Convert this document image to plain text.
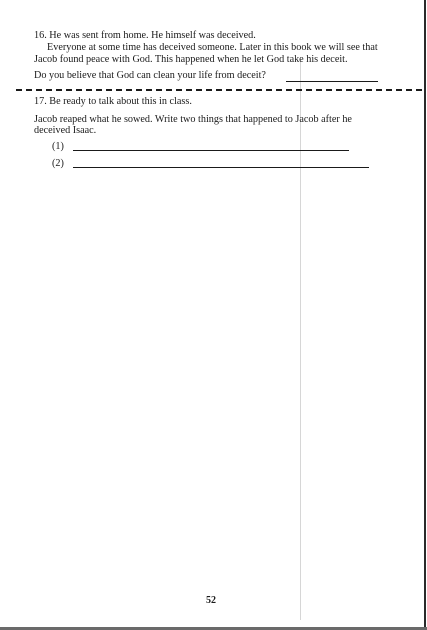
16. He was sent from home. He himself was deceived.
Everyone at some time has deceived someone. Later in this book we will see that
Jacob found peace with God. This happened when he let God take his deceit.
Do you believe that God can clean your life from deceit?
17. Be ready to talk about this in class.
Jacob reaped what he sowed. Write two things that happened to Jacob after he
deceived Isaac.
(1)
(2)
52
